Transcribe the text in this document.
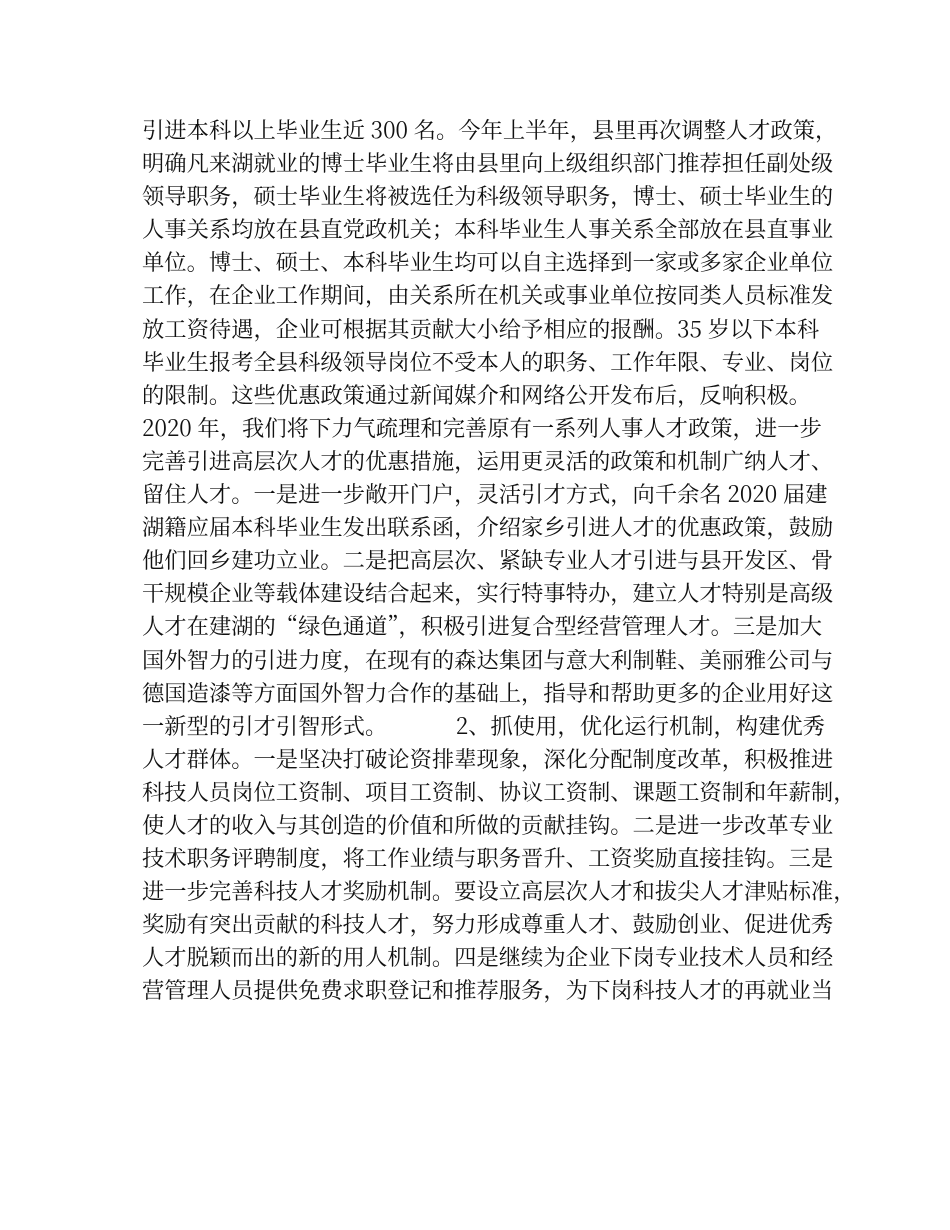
引进本科以上毕业生近 300 名。今年上半年，县里再次调整人才政策，
明确凡来湖就业的博士毕业生将由县里向上级组织部门推荐担任副处级
领导职务，硕士毕业生将被选任为科级领导职务，博士、硕士毕业生的
人事关系均放在县直党政机关；本科毕业生人事关系全部放在县直事业
单位。博士、硕士、本科毕业生均可以自主选择到一家或多家企业单位
工作，在企业工作期间，由关系所在机关或事业单位按同类人员标准发
放工资待遇，企业可根据其贡献大小给予相应的报酬。35 岁以下本科
毕业生报考全县科级领导岗位不受本人的职务、工作年限、专业、岗位
的限制。这些优惠政策通过新闻媒介和网络公开发布后，反响积极。
2020 年，我们将下力气疏理和完善原有一系列人事人才政策，进一步
完善引进高层次人才的优惠措施，运用更灵活的政策和机制广纳人才、
留住人才。一是进一步敞开门户，灵活引才方式，向千余名 2020 届建
湖籍应届本科毕业生发出联系函，介绍家乡引进人才的优惠政策，鼓励
他们回乡建功立业。二是把高层次、紧缺专业人才引进与县开发区、骨
干规模企业等载体建设结合起来，实行特事特办，建立人才特别是高级
人才在建湖的“绿色通道”，积极引进复合型经营管理人才。三是加大
国外智力的引进力度，在现有的森达集团与意大利制鞋、美丽雅公司与
德国造漆等方面国外智力合作的基础上，指导和帮助更多的企业用好这
一新型的引才引智形式。            2、抓使用，优化运行机制，构建优秀
人才群体。一是坚决打破论资排辈现象，深化分配制度改革，积极推进
科技人员岗位工资制、项目工资制、协议工资制、课题工资制和年薪制，
使人才的收入与其创造的价值和所做的贡献挂钩。二是进一步改革专业
技术职务评聘制度，将工作业绩与职务晋升、工资奖励直接挂钩。三是
进一步完善科技人才奖励机制。要设立高层次人才和拔尖人才津贴标准，
奖励有突出贡献的科技人才，努力形成尊重人才、鼓励创业、促进优秀
人才脱颖而出的新的用人机制。四是继续为企业下岗专业技术人员和经
营管理人员提供免费求职登记和推荐服务，为下岗科技人才的再就业当
